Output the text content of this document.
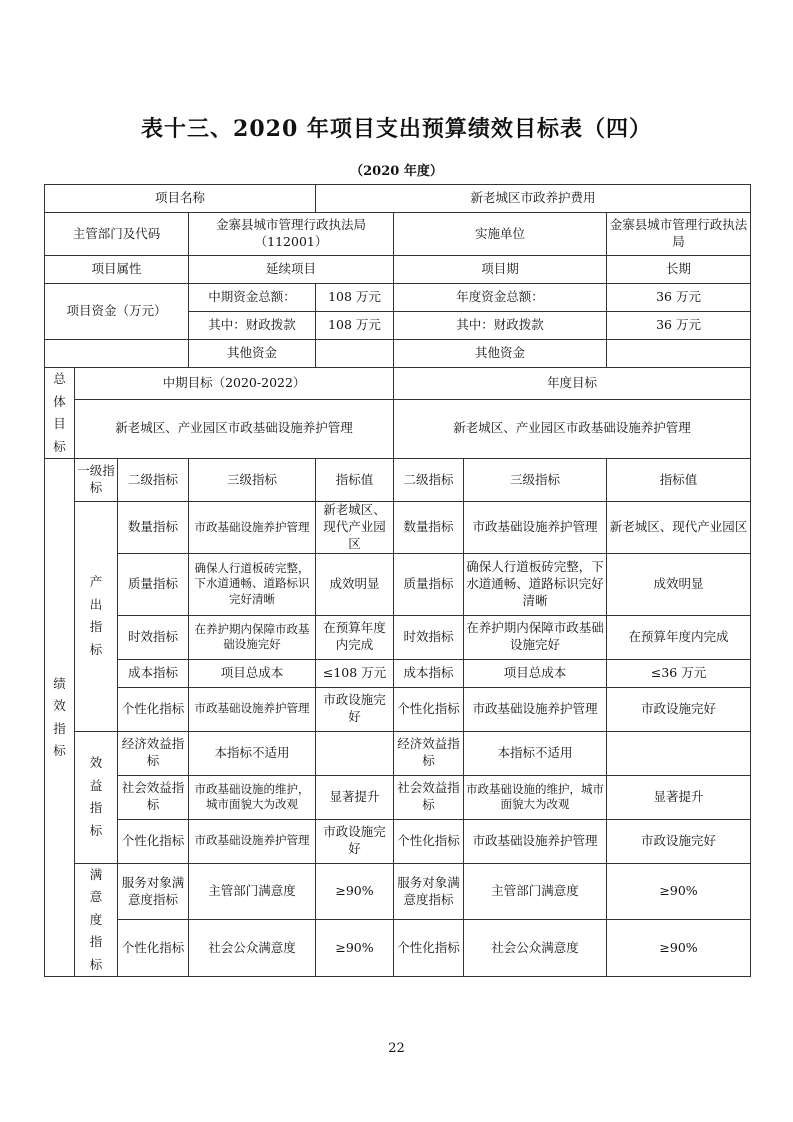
表十三、2020 年项目支出预算绩效目标表（四）
（2020 年度）
项目名称				新老城区市政养护费用			
主管部门及代码			金寨县城市管理行政执法局（112001）		实施单位		金寨县城市管理行政执法局
项目属性			延续项目		项目期		长期
项目资金（万元）			中期资金总额：	108 万元	年度资金总额：		36 万元
			其中：财政拨款	108 万元	其中：财政拨款		36 万元
			其他资金		其他资金		
总体目标	中期目标（2020-2022）				年度目标		
	新老城区、产业园区市政基础设施养护管理				新老城区、产业园区市政基础设施养护管理		
绩效指标	一级指标	二级指标	三级指标	指标值	二级指标	三级指标	指标值
	产出指标	数量指标	市政基础设施养护管理	新老城区、现代产业园区	数量指标	市政基础设施养护管理	新老城区、现代产业园区
		质量指标	确保人行道板砖完整，下水道通畅、道路标识完好清晰	成效明显	质量指标	确保人行道板砖完整，下水道通畅、道路标识完好清晰	成效明显
		时效指标	在养护期内保障市政基础设施完好	在预算年度内完成	时效指标	在养护期内保障市政基础设施完好	在预算年度内完成
		成本指标	项目总成本	≤108 万元	成本指标	项目总成本	≤36 万元
		个性化指标	市政基础设施养护管理	市政设施完好	个性化指标	市政基础设施养护管理	市政设施完好
	效益指标	经济效益指标	本指标不适用		经济效益指标	本指标不适用	
		社会效益指标	市政基础设施的维护，城市面貌大为改观	显著提升	社会效益指标	市政基础设施的维护，城市面貌大为改观	显著提升
		个性化指标	市政基础设施养护管理	市政设施完好	个性化指标	市政基础设施养护管理	市政设施完好
	满意度指标	服务对象满意度指标	主管部门满意度	≥90%	服务对象满意度指标	主管部门满意度	≥90%
		个性化指标	社会公众满意度	≥90%	个性化指标	社会公众满意度	≥90%
22
